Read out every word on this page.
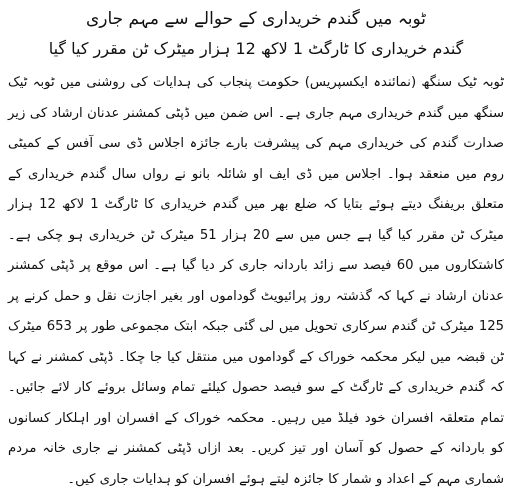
ٹوبہ میں گندم خریداری کے حوالے سے مہم جاری
گندم خریداری کا ٹارگٹ 1 لاکھ 12 ہزار میٹرک ٹن مقرر کیا گیا

ٹوبہ ٹیک سنگھ (نمائندہ ایکسپریس) حکومت پنجاب کی ہدایات کی روشنی میں ٹوبہ ٹیک سنگھ میں گندم خریداری مہم جاری ہے۔ اس ضمن میں ڈپٹی کمشنر عدنان ارشاد کی زیر صدارت گندم کی خریداری مہم کی پیشرفت بارے جائزہ اجلاس ڈی سی آفس کے کمیٹی روم میں منعقد ہوا۔ اجلاس میں ڈی ایف او شائلہ بانو نے رواں سال گندم خریداری کے متعلق بریفنگ دیتے ہوئے بتایا کہ ضلع بھر میں گندم خریداری کا ٹارگٹ 1 لاکھ 12 ہزار میٹرک ٹن مقرر کیا گیا ہے جس میں سے 20 ہزار 51 میٹرک ٹن خریداری ہو چکی ہے۔ کاشتکاروں میں 60 فیصد سے زائد باردانہ جاری کر دیا گیا ہے۔ اس موقع پر ڈپٹی کمشنر عدنان ارشاد نے کہا کہ گذشتہ روز پرائیویٹ گوداموں اور بغیر اجازت نقل و حمل کرنے پر 125 میٹرک ٹن گندم سرکاری تحویل میں لی گئی جبکہ ابتک مجموعی طور پر 653 میٹرک ٹن قبضہ میں لیکر محکمہ خوراک کے گوداموں میں منتقل کیا جا چکا۔ ڈپٹی کمشنر نے کہا کہ گندم خریداری کے ٹارگٹ کے سو فیصد حصول کیلئے تمام وسائل بروئے کار لائے جائیں۔ تمام متعلقہ افسران خود فیلڈ میں رہیں۔ محکمہ خوراک کے افسران اور اہلکار کسانوں کو باردانہ کے حصول کو آسان اور تیز کریں۔ بعد ازاں ڈپٹی کمشنر نے جاری خانہ مردم شماری مہم کے اعداد و شمار کا جائزہ لیتے ہوئے افسران کو ہدایات جاری کیں۔
